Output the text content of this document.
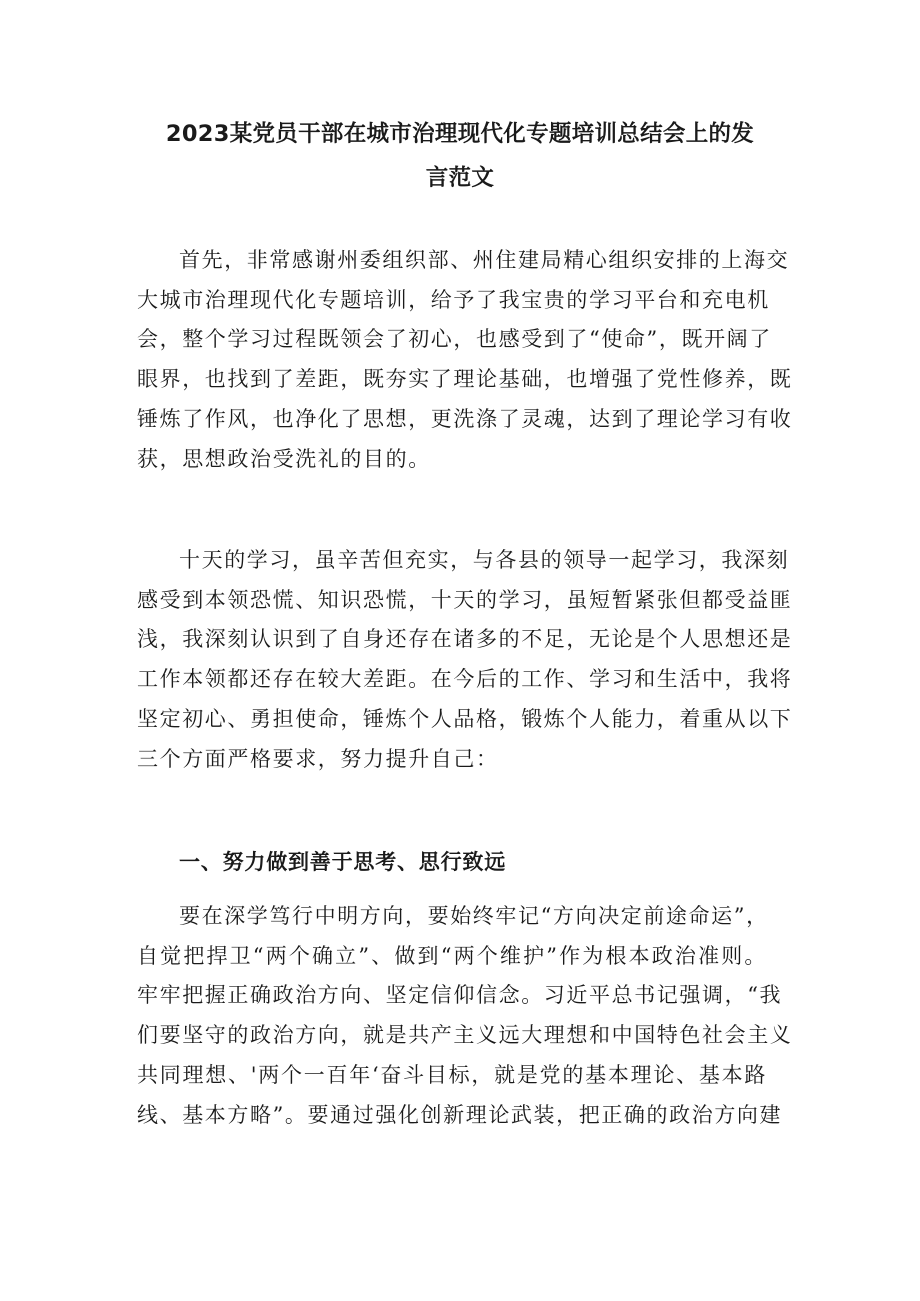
2023某党员干部在城市治理现代化专题培训总结会上的发
言范文
首先，非常感谢州委组织部、州住建局精心组织安排的上海交
大城市治理现代化专题培训，给予了我宝贵的学习平台和充电机
会，整个学习过程既领会了初心，也感受到了“使命”，既开阔了
眼界，也找到了差距，既夯实了理论基础，也增强了党性修养，既
锤炼了作风，也净化了思想，更洗涤了灵魂，达到了理论学习有收
获，思想政治受洗礼的目的。
十天的学习，虽辛苦但充实，与各县的领导一起学习，我深刻
感受到本领恐慌、知识恐慌，十天的学习，虽短暂紧张但都受益匪
浅，我深刻认识到了自身还存在诸多的不足，无论是个人思想还是
工作本领都还存在较大差距。在今后的工作、学习和生活中，我将
坚定初心、勇担使命，锤炼个人品格，锻炼个人能力，着重从以下
三个方面严格要求，努力提升自己：
一、努力做到善于思考、思行致远
要在深学笃行中明方向，要始终牢记“方向决定前途命运”，
自觉把捍卫“两个确立”、做到“两个维护”作为根本政治准则。
牢牢把握正确政治方向、坚定信仰信念。习近平总书记强调，“我
们要坚守的政治方向，就是共产主义远大理想和中国特色社会主义
共同理想、'两个一百年‘奋斗目标，就是党的基本理论、基本路
线、基本方略”。要通过强化创新理论武装，把正确的政治方向建
